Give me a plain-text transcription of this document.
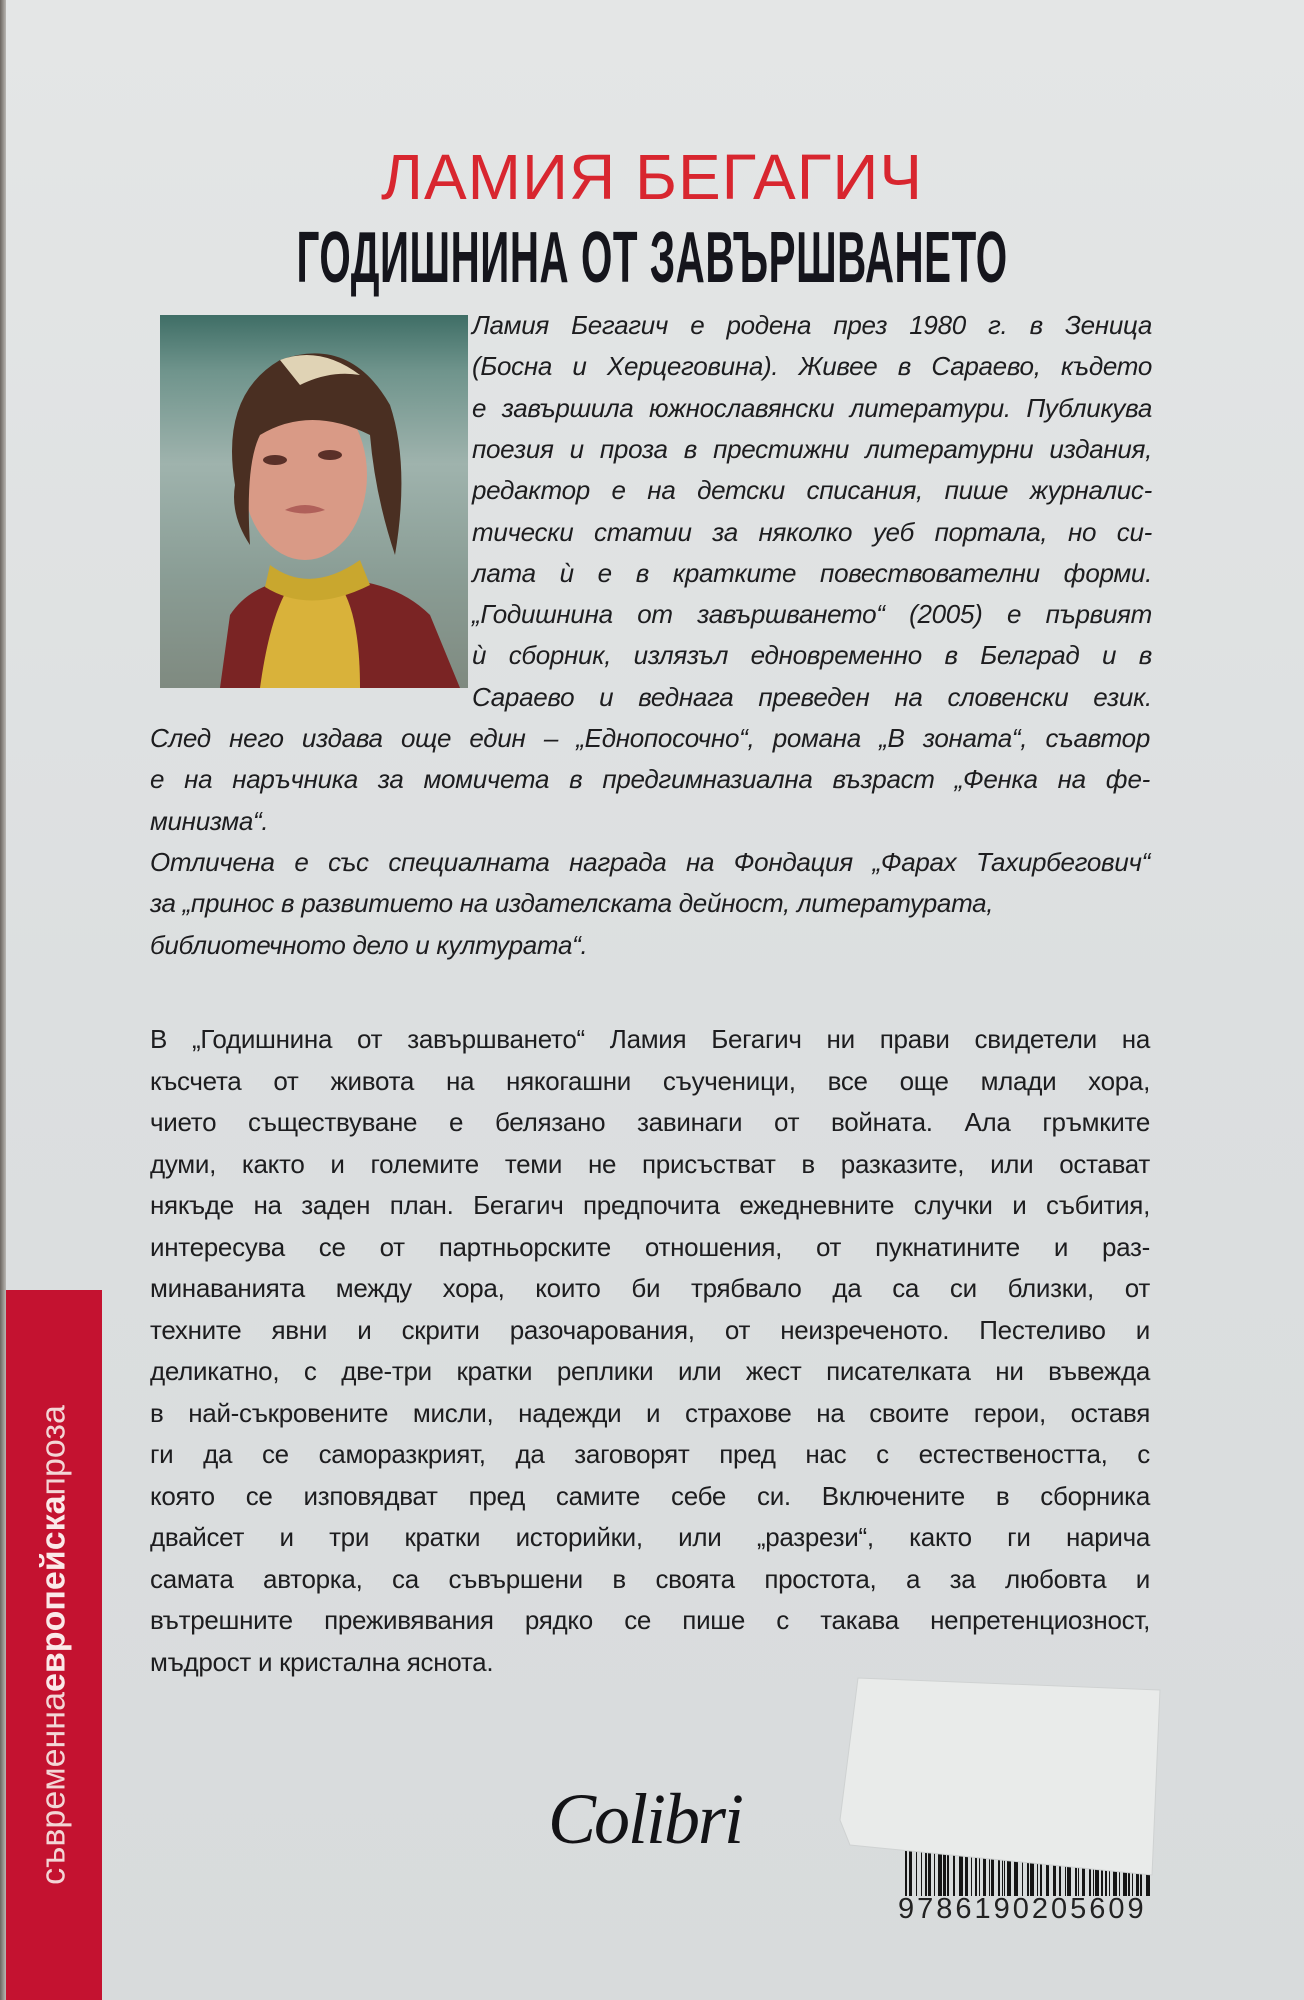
ЛАМИЯ БЕГАГИЧ
ГОДИШНИНА ОТ ЗАВЪРШВАНЕТО
Ламия Бегагич е родена през 1980 г. в Зеница
(Босна и Херцеговина). Живее в Сараево, където
е завършила южнославянски литератури. Публикува
поезия и проза в престижни литературни издания,
редактор е на детски списания, пише журналис-
тически статии за няколко уеб портала, но си-
лата ѝ е в кратките повествователни форми.
„Годишнина от завършването“ (2005) е първият
ѝ сборник, излязъл едновременно в Белград и в
Сараево и веднага преведен на словенски език.
След него издава още един – „Еднопосочно“, романа „В зоната“, съавтор
е на наръчника за момичета в предгимназиална възраст „Фенка на фе-
минизма“.
Отличена е със специалната награда на Фондация „Фарах Тахирбегович“
за „принос в развитието на издателската дейност, литературата,
библиотечното дело и културата“.
В „Годишнина от завършването“ Ламия Бегагич ни прави свидетели на
късчета от живота на някогашни съученици, все още млади хора,
чието съществуване е белязано завинаги от войната. Ала гръмките
думи, както и големите теми не присъстват в разказите, или остават
някъде на заден план. Бегагич предпочита ежедневните случки и събития,
интересува се от партньорските отношения, от пукнатините и раз-
минаванията между хора, които би трябвало да са си близки, от
техните явни и скрити разочарования, от неизреченото. Пестеливо и
деликатно, с две-три кратки реплики или жест писателката ни въвежда
в най-съкровените мисли, надежди и страхове на своите герои, оставя
ги да се саморазкрият, да заговорят пред нас с естествеността, с
която се изповядват пред самите себе си. Включените в сборника
двайсет и три кратки историйки, или „разрези“, както ги нарича
самата авторка, са съвършени в своята простота, а за любовта и
вътрешните преживявания рядко се пише с такава непретенциозност,
мъдрост и кристална яснота.
съвременнаевропейскапроза
Colibri
9786190205609
